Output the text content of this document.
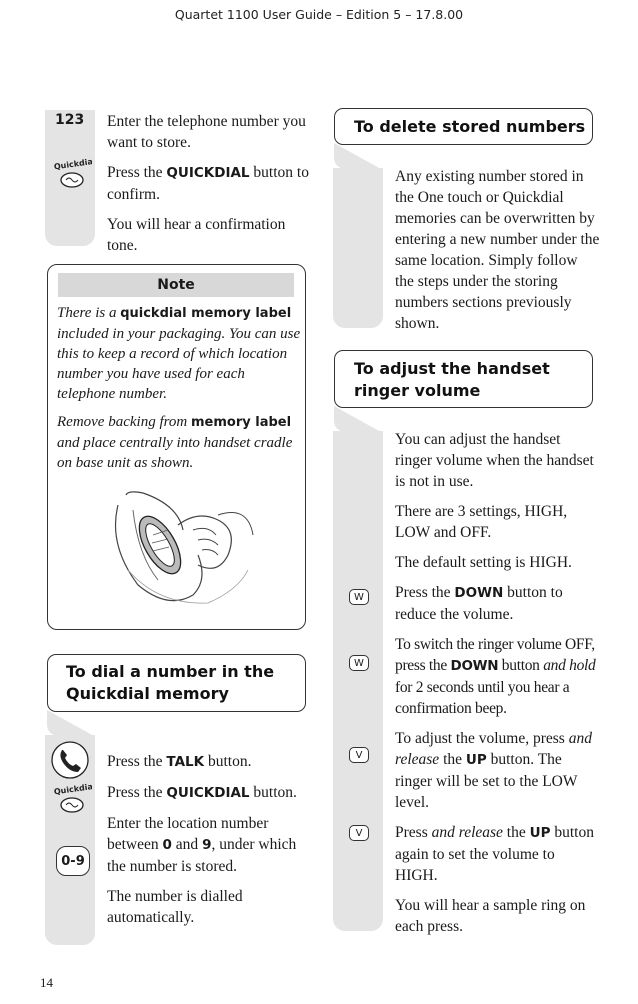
Quartet 1100 User Guide – Edition 5 – 17.8.00
123
Quickdial

Enter the telephone number you want to store.

Press the QUICKDIAL button to confirm.

You will hear a confirmation tone.

Note

There is a quickdial memory label included in your packaging. You can use this to keep a record of which location number you have used for each telephone number.

Remove backing from memory label and place centrally into handset cradle on base unit as shown.

To dial a number in the
Quickdial memory
Quickdial
0-9

Press the TALK button.

Press the QUICKDIAL button.

Enter the location number between 0 and 9, under which the number is stored.

The number is dialled automatically.

To delete stored numbers

Any existing number stored in the One touch or Quickdial memories can be overwritten by entering a new number under the same location. Simply follow the steps under the storing numbers sections previously shown.

To adjust the handset
ringer volume
W
W
V
V

You can adjust the handset ringer volume when the handset is not in use.

There are 3 settings, HIGH, LOW and OFF.

The default setting is HIGH.

Press the DOWN button to reduce the volume.

To switch the ringer volume OFF, press the DOWN button and hold for 2 seconds until you hear a confirmation beep.

To adjust the volume, press and release the UP button. The ringer will be set to the LOW level.

Press and release the UP button again to set the volume to HIGH.

You will hear a sample ring on each press.

14
